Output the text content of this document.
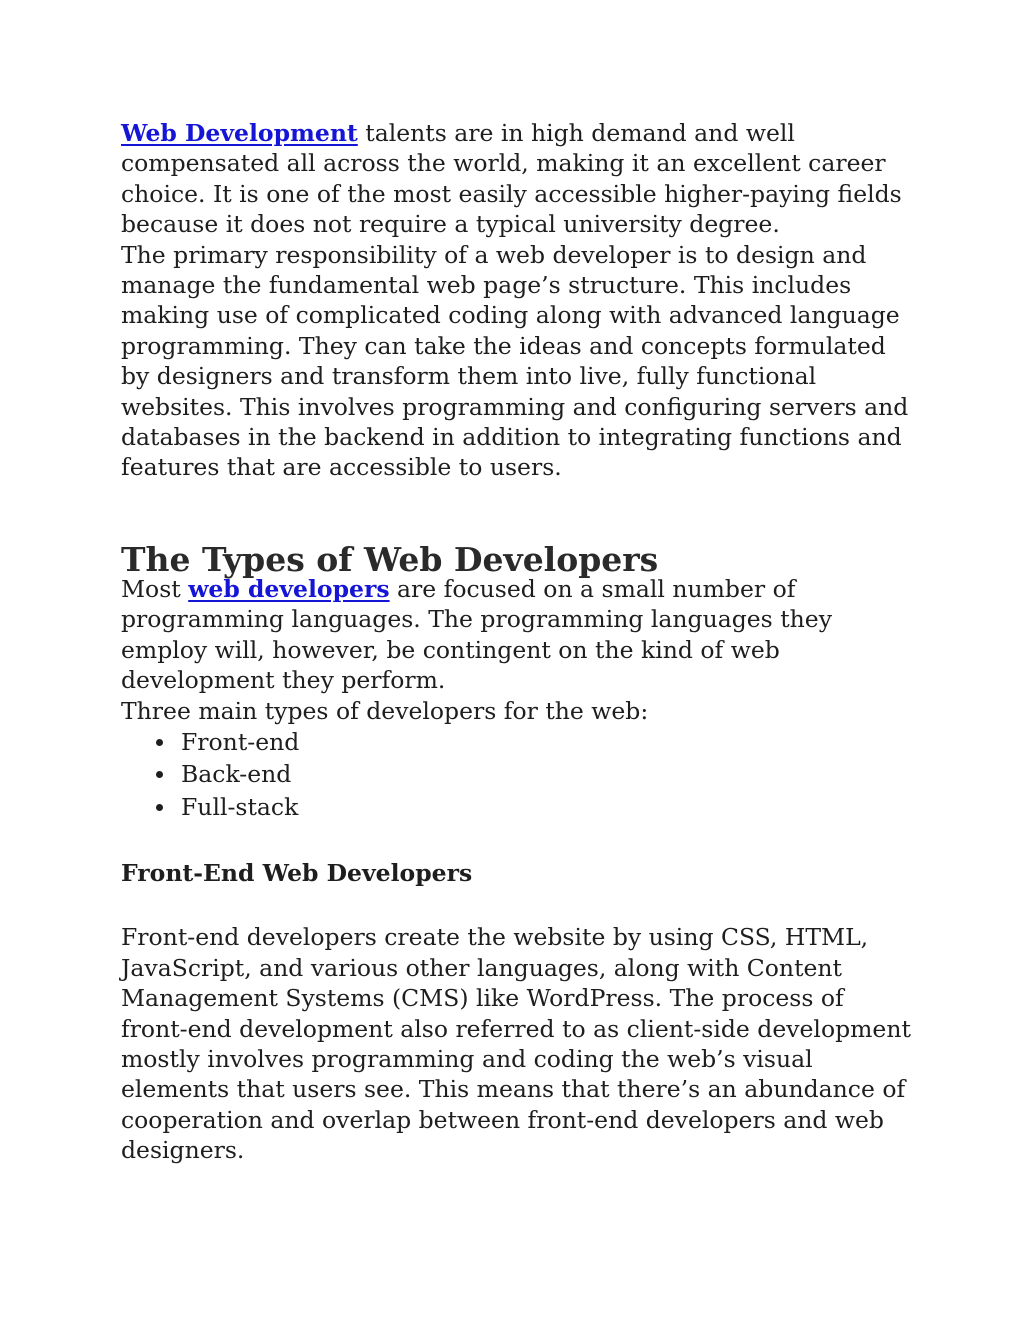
Web Development talents are in high demand and well compensated all across the world, making it an excellent career choice. It is one of the most easily accessible higher-paying fields because it does not require a typical university degree.

The primary responsibility of a web developer is to design and manage the fundamental web page’s structure. This includes making use of complicated coding along with advanced language programming. They can take the ideas and concepts formulated by designers and transform them into live, fully functional websites. This involves programming and configuring servers and databases in the backend in addition to integrating functions and features that are accessible to users.

The Types of Web Developers

Most web developers are focused on a small number of programming languages. The programming languages they employ will, however, be contingent on the kind of web development they perform.

Three main types of developers for the web:

Front-end
Back-end
Full-stack
Front-End Web Developers

Front-end developers create the website by using CSS, HTML, JavaScript, and various other languages, along with Content Management Systems (CMS) like WordPress. The process of front-end development also referred to as client-side development mostly involves programming and coding the web’s visual elements that users see. This means that there’s an abundance of cooperation and overlap between front-end developers and web designers.
